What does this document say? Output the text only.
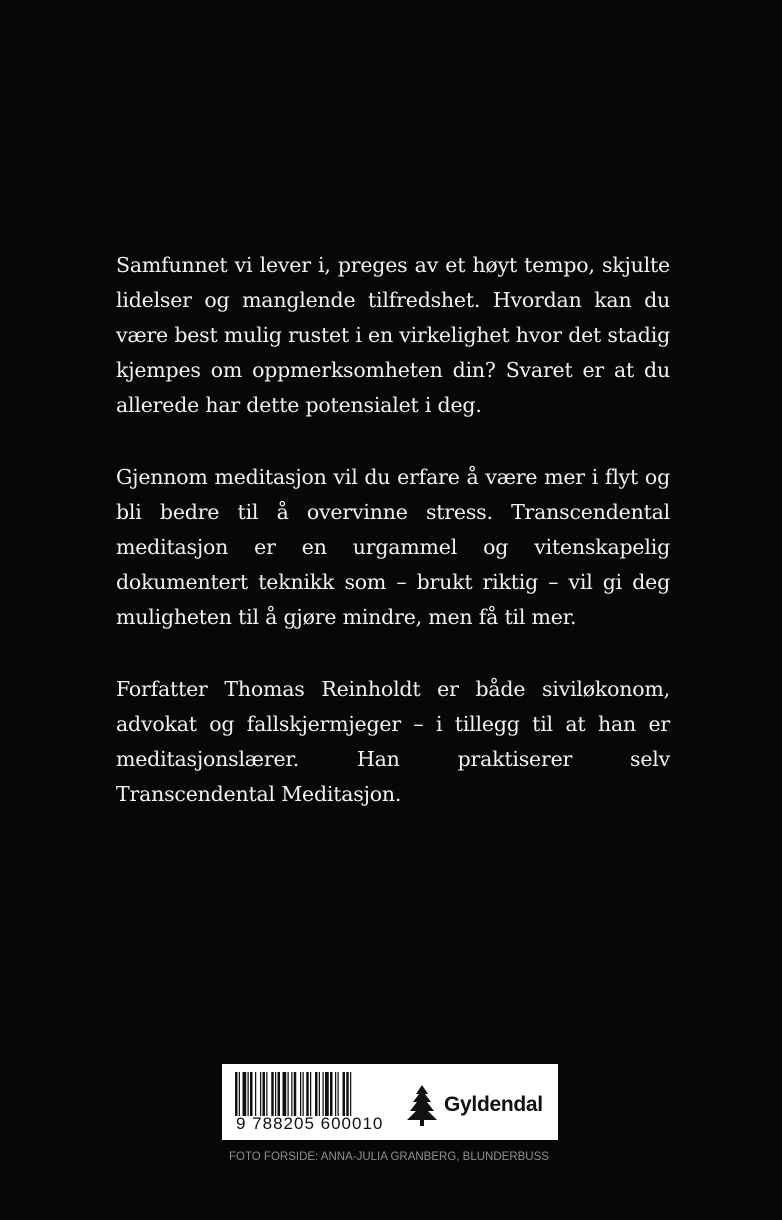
Samfunnet vi lever i, preges av et høyt tempo, skjulte lidelser og manglende tilfredshet. Hvordan kan du være best mulig rustet i en virkelighet hvor det stadig kjempes om oppmerksomheten din? Svaret er at du allerede har dette potensialet i deg.

Gjennom meditasjon vil du erfare å være mer i flyt og bli bedre til å overvinne stress. Transcendental meditasjon er en urgammel og vitenskapelig dokumentert teknikk som – brukt riktig – vil gi deg muligheten til å gjøre mindre, men få til mer.

Forfatter Thomas Reinholdt er både siviløkonom, advokat og fallskjermjeger – i tillegg til at han er meditasjonslærer. Han praktiserer selv Transcendental Meditasjon.

9 788205 600010
Gyldendal
FOTO FORSIDE: ANNA-JULIA GRANBERG, BLUNDERBUSS
